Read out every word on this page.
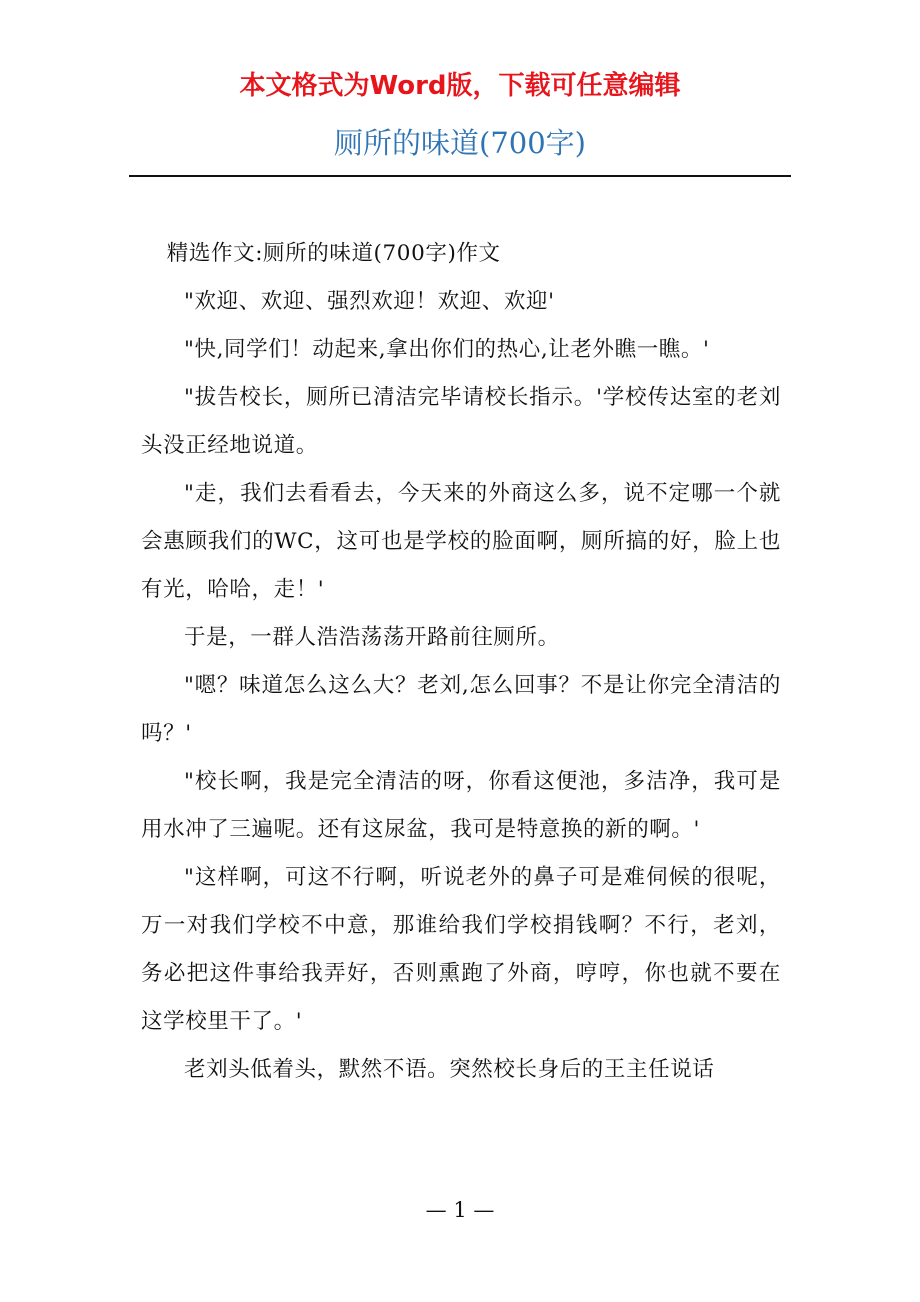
本文格式为Word版，下载可任意编辑
厕所的味道(700字)

精选作文:厕所的味道(700字)作文

"欢迎、欢迎、强烈欢迎！欢迎、欢迎'

"快,同学们！动起来,拿出你们的热心,让老外瞧一瞧。'

"拔告校长，厕所已清洁完毕请校长指示。'学校传达室的老刘头没正经地说道。

"走，我们去看看去，今天来的外商这么多，说不定哪一个就会惠顾我们的WC，这可也是学校的脸面啊，厕所搞的好，脸上也有光，哈哈，走！'

于是，一群人浩浩荡荡开路前往厕所。

"嗯？味道怎么这么大？老刘,怎么回事？不是让你完全清洁的吗？'

"校长啊，我是完全清洁的呀，你看这便池，多洁净，我可是用水冲了三遍呢。还有这尿盆，我可是特意换的新的啊。'

"这样啊，可这不行啊，听说老外的鼻子可是难伺候的很呢，万一对我们学校不中意，那谁给我们学校捐钱啊？不行，老刘，务必把这件事给我弄好，否则熏跑了外商，哼哼，你也就不要在这学校里干了。'

老刘头低着头，默然不语。突然校长身后的王主任说话

— 1 —
